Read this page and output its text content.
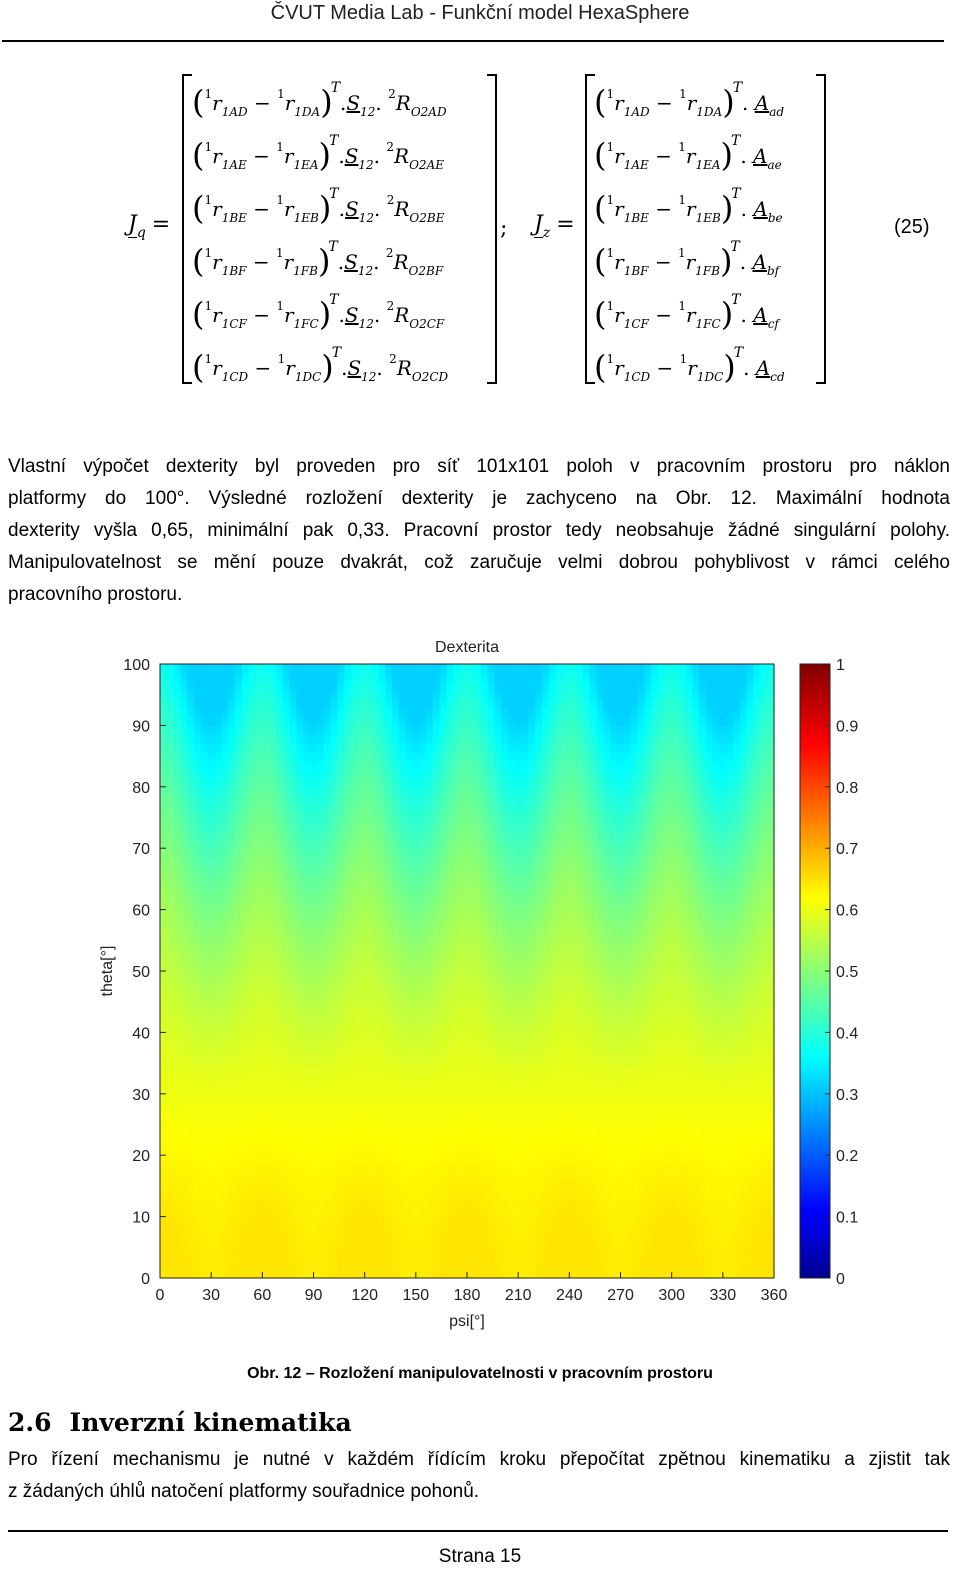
ČVUT Media Lab - Funkční model HexaSphere
$J_q$ =
$(^1r_{1AD} - ^1r_{1DA})^T.S_{12}$. $^2R_{O2AD}$
$(^1r_{1AE} - ^1r_{1EA})^T.S_{12}$. $^2R_{O2AE}$
$(^1r_{1BE} - ^1r_{1EB})^T.S_{12}$. $^2R_{O2BE}$
$(^1r_{1BF} - ^1r_{1FB})^T.S_{12}$. $^2R_{O2BF}$
$(^1r_{1CF} - ^1r_{1FC})^T.S_{12}$. $^2R_{O2CF}$
$(^1r_{1CD} - ^1r_{1DC})^T.S_{12}$. $^2R_{O2CD}$
; $J_z$ =
$(^1r_{1AD} - ^1r_{1DA})^T$. $A_{ad}$
$(^1r_{1AE} - ^1r_{1EA})^T$. $A_{ae}$
$(^1r_{1BE} - ^1r_{1EB})^T$. $A_{be}$
$(^1r_{1BF} - ^1r_{1FB})^T$. $A_{bf}$
$(^1r_{1CF} - ^1r_{1FC})^T$. $A_{cf}$
$(^1r_{1CD} - ^1r_{1DC})^T$. $A_{cd}$
(25)
Vlastní výpočet dexterity byl proveden pro síť 101x101 poloh v pracovním prostoru pro náklon
platformy do 100°. Výsledné rozložení dexterity je zachyceno na Obr. 12. Maximální hodnota
dexterity vyšla 0,65, minimální pak 0,33. Pracovní prostor tedy neobsahuje žádné singulární polohy.
Manipulovatelnost se mění pouze dvakrát, což zaručuje velmi dobrou pohyblivost v rámci celého
pracovního prostoru.
Dexterita
0 30 60 90 120 150 180 210 240 270 300 330 360
0
10
20
30
40
50
60
70
80
90
100
0
0.1
0.2
0.3
0.4
0.5
0.6
0.7
0.8
0.9
1
psi[°]
theta[°]
Obr. 12 – Rozložení manipulovatelnosti v pracovním prostoru
2.6 Inverzní kinematika
Pro řízení mechanismu je nutné v každém řídícím kroku přepočítat zpětnou kinematiku a zjistit tak
z žádaných úhlů natočení platformy souřadnice pohonů.
Strana 15
